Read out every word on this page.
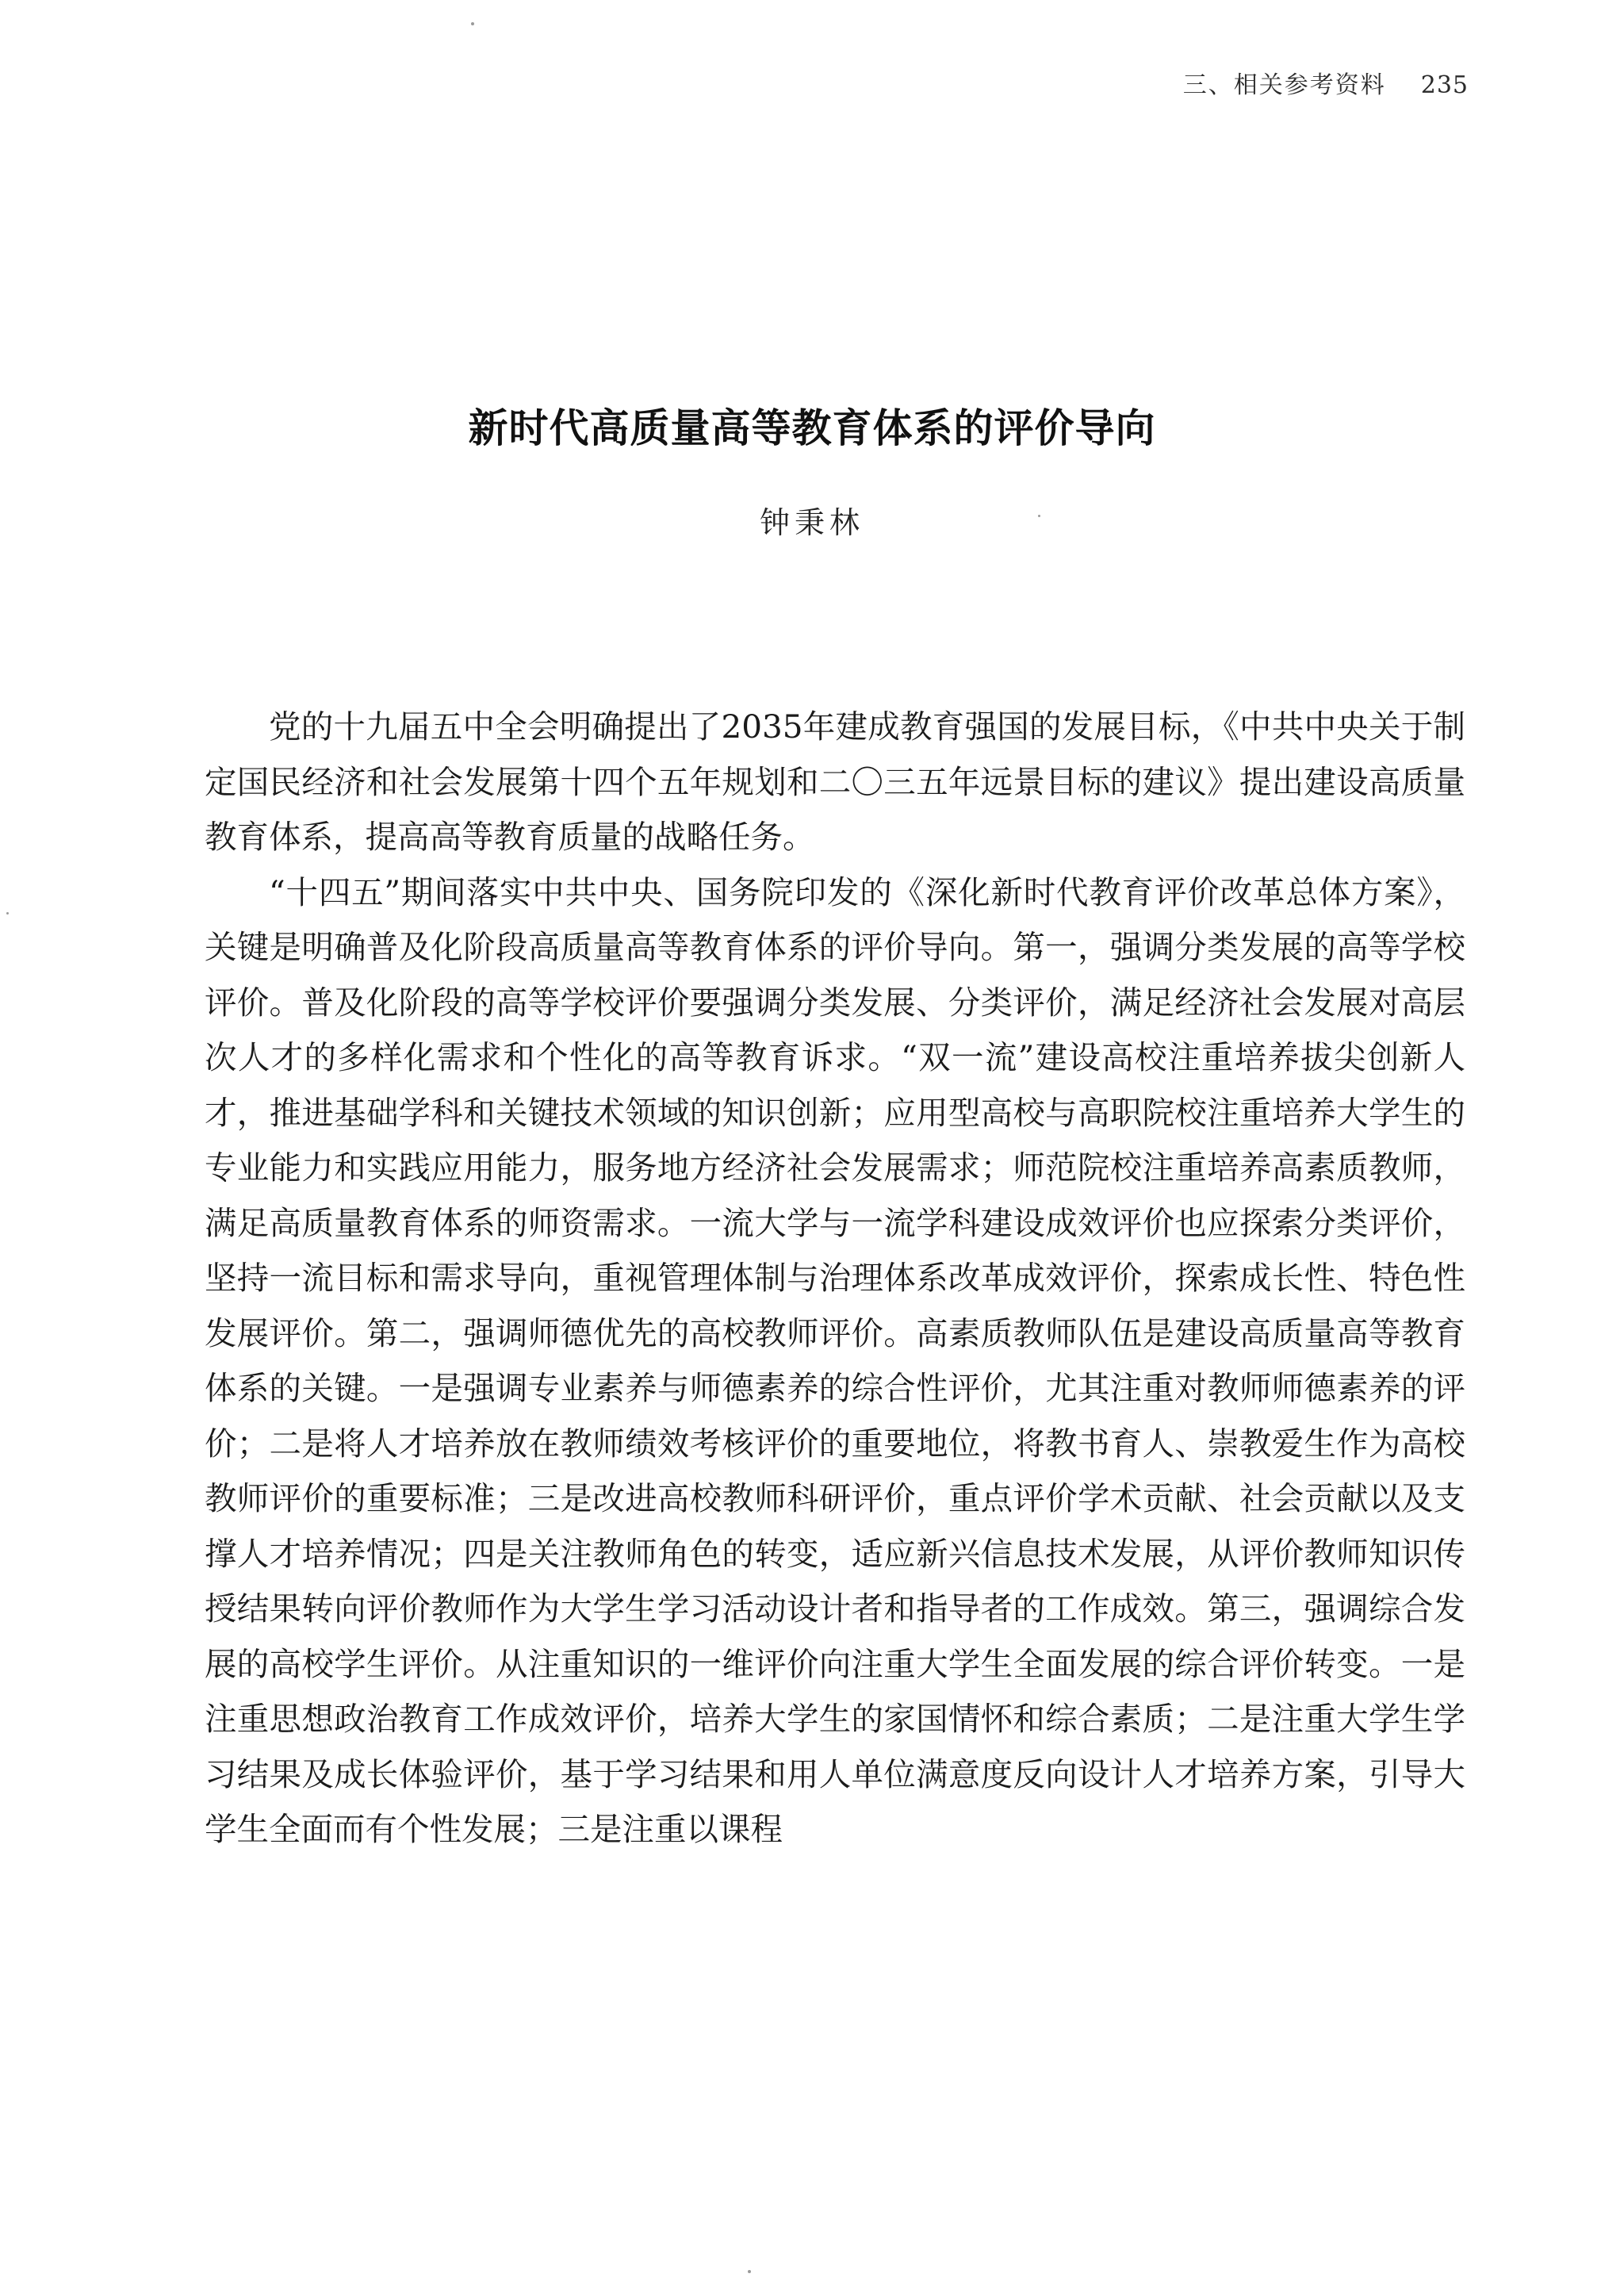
三、相关参考资料 235
新时代高质量高等教育体系的评价导向
钟秉林

党的十九届五中全会明确提出了2035年建成教育强国的发展目标，《中共中央关于制定国民经济和社会发展第十四个五年规划和二〇三五年远景目标的建议》提出建设高质量教育体系，提高高等教育质量的战略任务。

“十四五”期间落实中共中央、国务院印发的《深化新时代教育评价改革总体方案》，关键是明确普及化阶段高质量高等教育体系的评价导向。第一，强调分类发展的高等学校评价。普及化阶段的高等学校评价要强调分类发展、分类评价，满足经济社会发展对高层次人才的多样化需求和个性化的高等教育诉求。“双一流”建设高校注重培养拔尖创新人才，推进基础学科和关键技术领域的知识创新；应用型高校与高职院校注重培养大学生的专业能力和实践应用能力，服务地方经济社会发展需求；师范院校注重培养高素质教师，满足高质量教育体系的师资需求。一流大学与一流学科建设成效评价也应探索分类评价，坚持一流目标和需求导向，重视管理体制与治理体系改革成效评价，探索成长性、特色性发展评价。第二，强调师德优先的高校教师评价。高素质教师队伍是建设高质量高等教育体系的关键。一是强调专业素养与师德素养的综合性评价，尤其注重对教师师德素养的评价；二是将人才培养放在教师绩效考核评价的重要地位，将教书育人、崇教爱生作为高校教师评价的重要标准；三是改进高校教师科研评价，重点评价学术贡献、社会贡献以及支撑人才培养情况；四是关注教师角色的转变，适应新兴信息技术发展，从评价教师知识传授结果转向评价教师作为大学生学习活动设计者和指导者的工作成效。第三，强调综合发展的高校学生评价。从注重知识的一维评价向注重大学生全面发展的综合评价转变。一是注重思想政治教育工作成效评价，培养大学生的家国情怀和综合素质；二是注重大学生学习结果及成长体验评价，基于学习结果和用人单位满意度反向设计人才培养方案，引导大学生全面而有个性发展；三是注重以课程
